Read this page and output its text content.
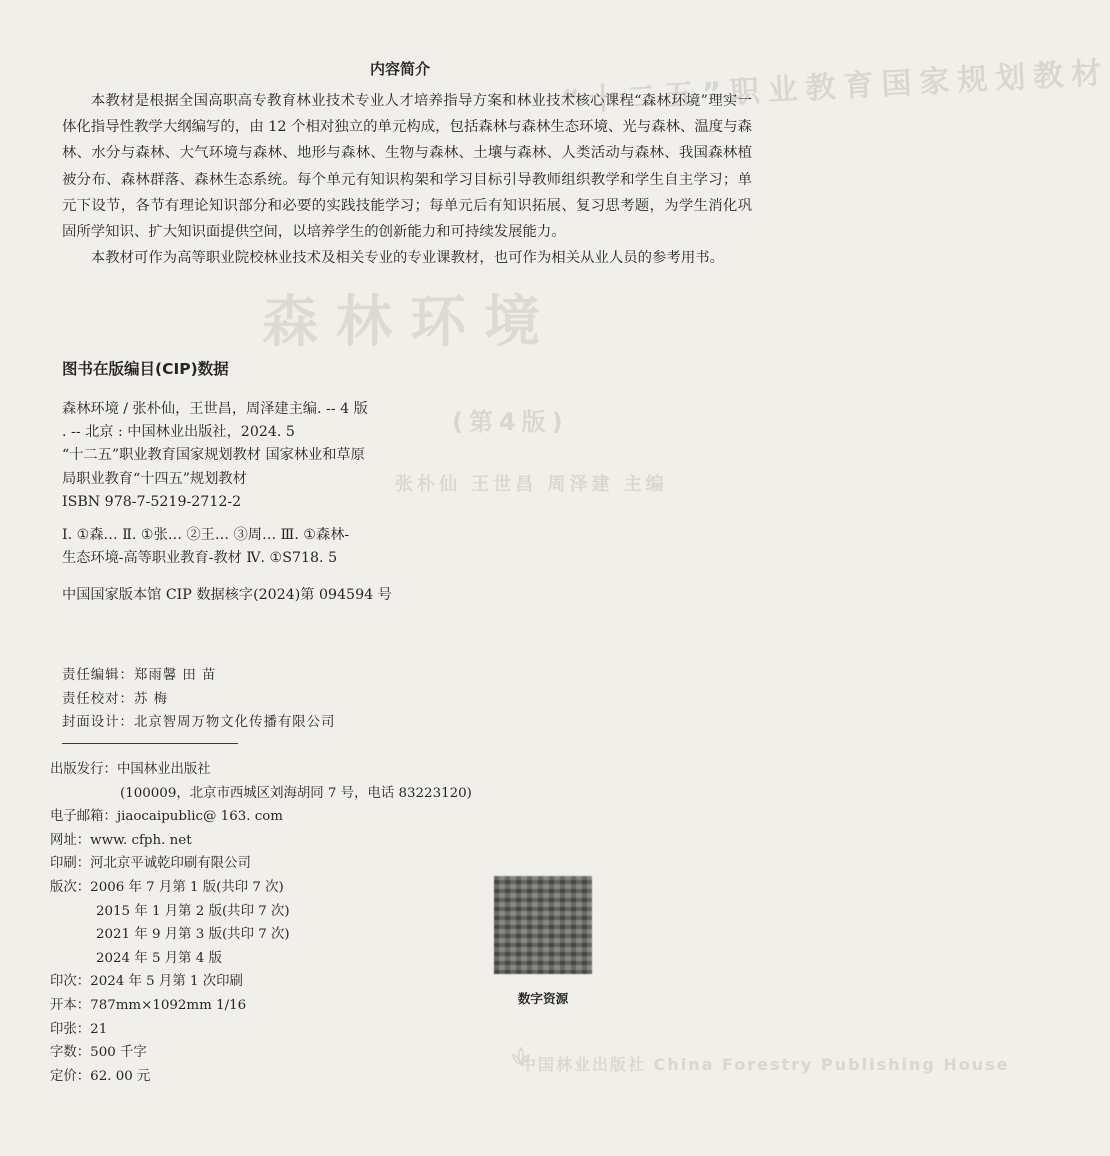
“十二五”职业教育国家规划教材
森林环境
(第4版)
张朴仙 王世昌 周泽建 主编
中国林业出版社 China Forestry Publishing House
内容简介

本教材是根据全国高职高专教育林业技术专业人才培养指导方案和林业技术核心课程“森林环境”理实一体化指导性教学大纲编写的，由 12 个相对独立的单元构成，包括森林与森林生态环境、光与森林、温度与森林、水分与森林、大气环境与森林、地形与森林、生物与森林、土壤与森林、人类活动与森林、我国森林植被分布、森林群落、森林生态系统。每个单元有知识构架和学习目标引导教师组织教学和学生自主学习；单元下设节，各节有理论知识部分和必要的实践技能学习；每单元后有知识拓展、复习思考题，为学生消化巩固所学知识、扩大知识面提供空间，以培养学生的创新能力和可持续发展能力。

本教材可作为高等职业院校林业技术及相关专业的专业课教材，也可作为相关从业人员的参考用书。

图书在版编目(CIP)数据
森林环境 / 张朴仙，王世昌，周泽建主编. -- 4 版
. -- 北京 : 中国林业出版社，2024. 5
“十二五”职业教育国家规划教材 国家林业和草原
局职业教育“十四五”规划教材
ISBN 978-7-5219-2712-2
Ⅰ. ①森… Ⅱ. ①张… ②王… ③周… Ⅲ. ①森林-
生态环境-高等职业教育-教材 Ⅳ. ①S718. 5
中国国家版本馆 CIP 数据核字(2024)第 094594 号
责任编辑：郑雨馨 田 苗
责任校对：苏 梅
封面设计：北京智周万物文化传播有限公司
出版发行：中国林业出版社
(100009，北京市西城区刘海胡同 7 号，电话 83223120)
电子邮箱：jiaocaipublic@ 163. com
网址：www. cfph. net
印刷：河北京平诚乾印刷有限公司
版次：2006 年 7 月第 1 版(共印 7 次)
2015 年 1 月第 2 版(共印 7 次)
2021 年 9 月第 3 版(共印 7 次)
2024 年 5 月第 4 版
印次：2024 年 5 月第 1 次印刷
开本：787mm×1092mm 1/16
印张：21
字数：500 千字
定价：62. 00 元
数字资源
